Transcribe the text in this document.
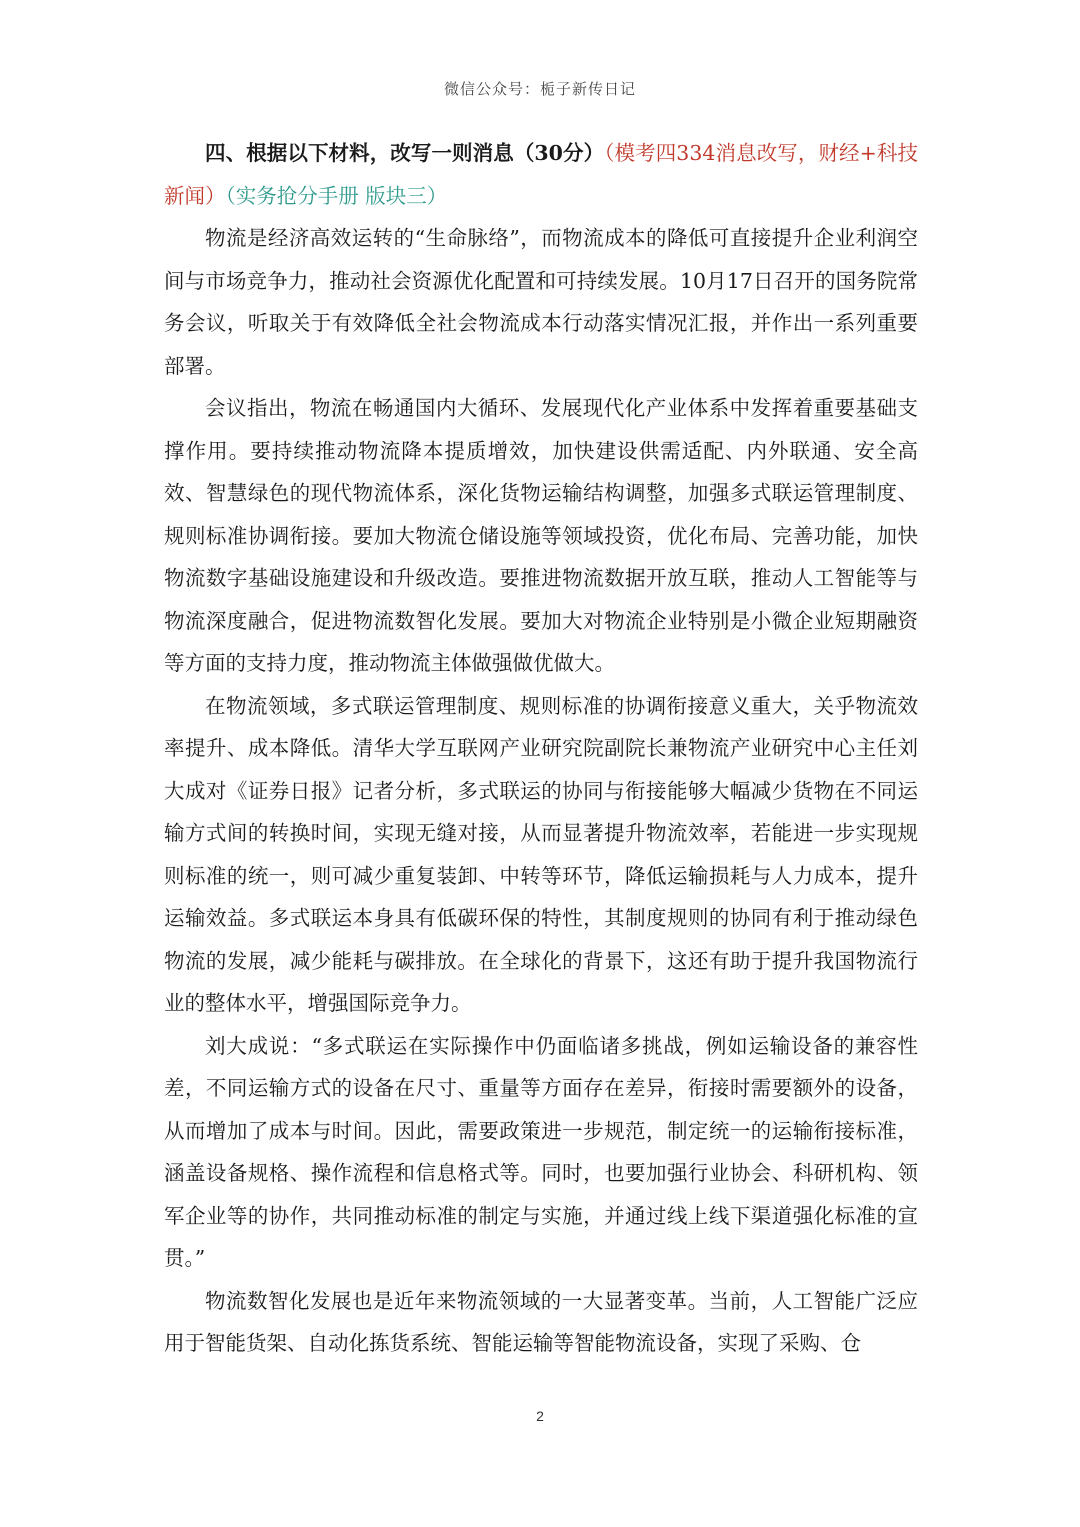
微信公众号：栀子新传日记

四、根据以下材料，改写一则消息（30分）（模考四334消息改写，财经+科技新闻）（实务抢分手册 版块三）

物流是经济高效运转的“生命脉络”，而物流成本的降低可直接提升企业利润空间与市场竞争力，推动社会资源优化配置和可持续发展。10月17日召开的国务院常务会议，听取关于有效降低全社会物流成本行动落实情况汇报，并作出一系列重要部署。

会议指出，物流在畅通国内大循环、发展现代化产业体系中发挥着重要基础支撑作用。要持续推动物流降本提质增效，加快建设供需适配、内外联通、安全高效、智慧绿色的现代物流体系，深化货物运输结构调整，加强多式联运管理制度、规则标准协调衔接。要加大物流仓储设施等领域投资，优化布局、完善功能，加快物流数字基础设施建设和升级改造。要推进物流数据开放互联，推动人工智能等与物流深度融合，促进物流数智化发展。要加大对物流企业特别是小微企业短期融资等方面的支持力度，推动物流主体做强做优做大。

在物流领域，多式联运管理制度、规则标准的协调衔接意义重大，关乎物流效率提升、成本降低。清华大学互联网产业研究院副院长兼物流产业研究中心主任刘大成对《证券日报》记者分析，多式联运的协同与衔接能够大幅减少货物在不同运输方式间的转换时间，实现无缝对接，从而显著提升物流效率，若能进一步实现规则标准的统一，则可减少重复装卸、中转等环节，降低运输损耗与人力成本，提升运输效益。多式联运本身具有低碳环保的特性，其制度规则的协同有利于推动绿色物流的发展，减少能耗与碳排放。在全球化的背景下，这还有助于提升我国物流行业的整体水平，增强国际竞争力。

刘大成说：“多式联运在实际操作中仍面临诸多挑战，例如运输设备的兼容性差，不同运输方式的设备在尺寸、重量等方面存在差异，衔接时需要额外的设备，从而增加了成本与时间。因此，需要政策进一步规范，制定统一的运输衔接标准，涵盖设备规格、操作流程和信息格式等。同时，也要加强行业协会、科研机构、领军企业等的协作，共同推动标准的制定与实施，并通过线上线下渠道强化标准的宣贯。”

物流数智化发展也是近年来物流领域的一大显著变革。当前，人工智能广泛应用于智能货架、自动化拣货系统、智能运输等智能物流设备，实现了采购、仓

2
